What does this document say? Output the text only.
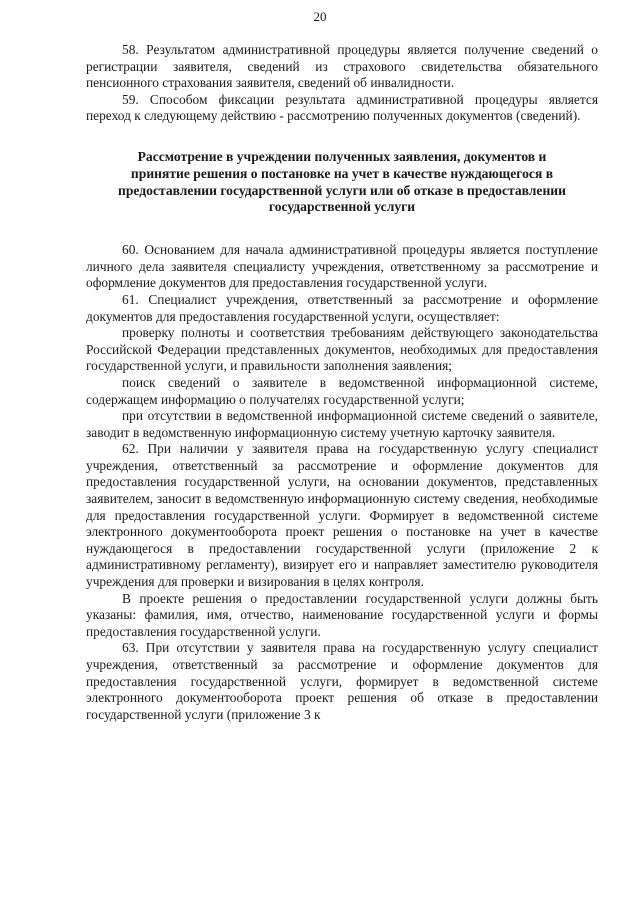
20

58. Результатом административной процедуры является получение сведений о регистрации заявителя, сведений из страхового свидетельства обязательного пенсионного страхования заявителя, сведений об инвалидности.

59. Способом фиксации результата административной процедуры является переход к следующему действию - рассмотрению полученных документов (сведений).

Рассмотрение в учреждении полученных заявления, документов и
принятие решения о постановке на учет в качестве нуждающегося в
предоставлении государственной услуги или об отказе в предоставлении
государственной услуги

60. Основанием для начала административной процедуры является поступление личного дела заявителя специалисту учреждения, ответственному за рассмотрение и оформление документов для предоставления государственной услуги.

61. Специалист учреждения, ответственный за рассмотрение и оформление документов для предоставления государственной услуги, осуществляет:

проверку полноты и соответствия требованиям действующего законодательства Российской Федерации представленных документов, необходимых для предоставления государственной услуги, и правильности заполнения заявления;

поиск сведений о заявителе в ведомственной информационной системе, содержащем информацию о получателях государственной услуги;

при отсутствии в ведомственной информационной системе сведений о заявителе, заводит в ведомственную информационную систему учетную карточку заявителя.

62. При наличии у заявителя права на государственную услугу специалист учреждения, ответственный за рассмотрение и оформление документов для предоставления государственной услуги, на основании документов, представленных заявителем, заносит в ведомственную информационную систему сведения, необходимые для предоставления государственной услуги. Формирует в ведомственной системе электронного документооборота проект решения о постановке на учет в качестве нуждающегося в предоставлении государственной услуги (приложение 2 к административному регламенту), визирует его и направляет заместителю руководителя учреждения для проверки и визирования в целях контроля.

В проекте решения о предоставлении государственной услуги должны быть указаны: фамилия, имя, отчество, наименование государственной услуги и формы предоставления государственной услуги.

63. При отсутствии у заявителя права на государственную услугу специалист учреждения, ответственный за рассмотрение и оформление документов для предоставления государственной услуги, формирует в ведомственной системе электронного документооборота проект решения об отказе в предоставлении государственной услуги (приложение 3 к
